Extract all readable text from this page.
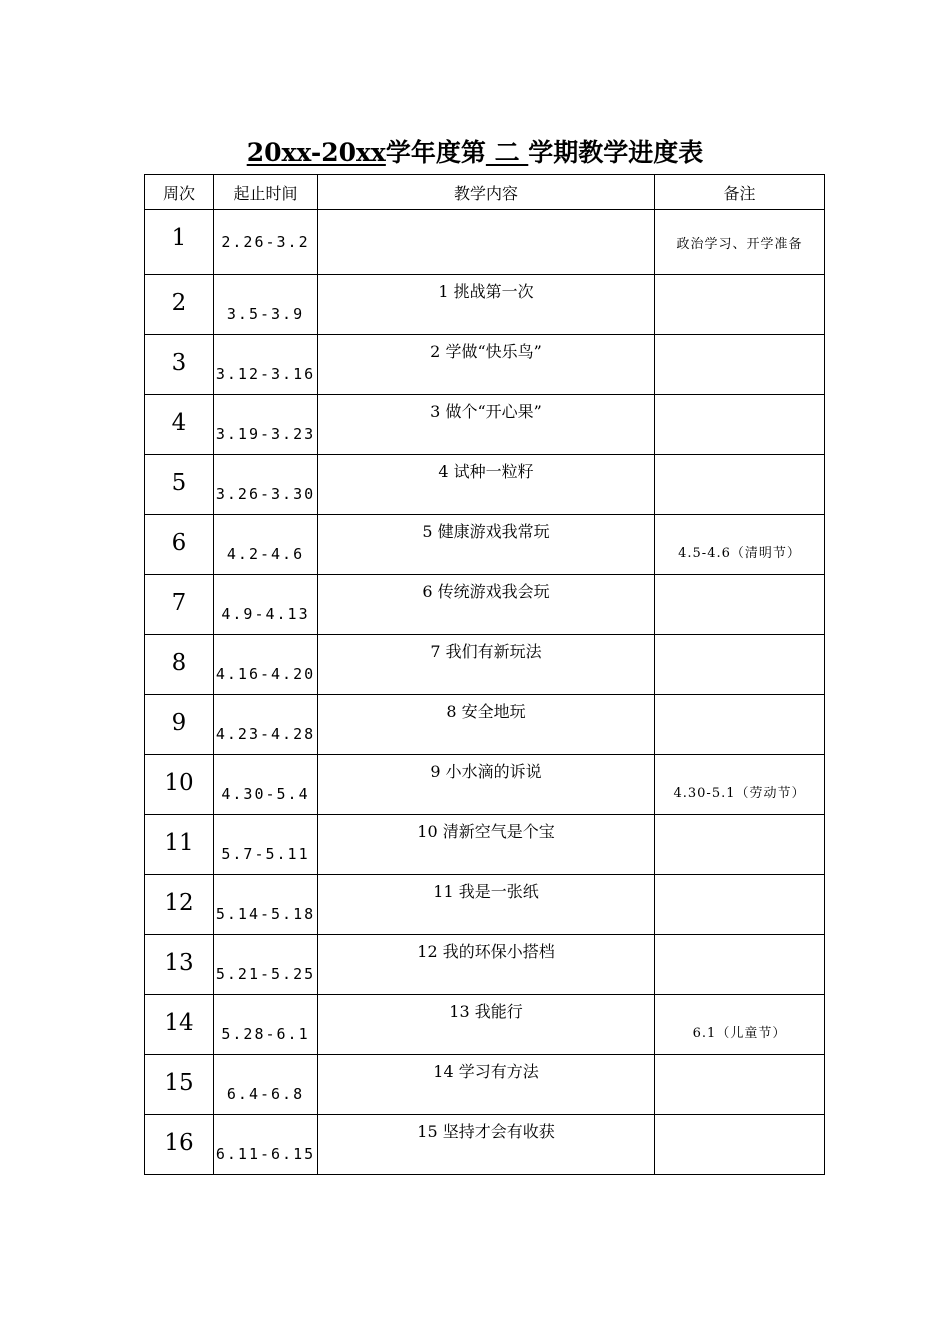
20xx-20xx学年度第 二 学期教学进度表
周次	起止时间	教学内容	备注

1	2.26-3.2		政治学习、开学准备

2	3.5-3.9	1 挑战第一次	

3	3.12-3.16	2 学做“快乐鸟”	

4	3.19-3.23	3 做个“开心果”	

5	3.26-3.30	4 试种一粒籽	

6	4.2-4.6	5 健康游戏我常玩	4.5-4.6（清明节）

7	4.9-4.13	6 传统游戏我会玩	

8	4.16-4.20	7 我们有新玩法	

9	4.23-4.28	8 安全地玩	

10	4.30-5.4	9 小水滴的诉说	4.30-5.1（劳动节）

11	5.7-5.11	10 清新空气是个宝	

12	5.14-5.18	11 我是一张纸	

13	5.21-5.25	12 我的环保小搭档	

14	5.28-6.1	13 我能行	6.1（儿童节）

15	6.4-6.8	14 学习有方法	

16	6.11-6.15	15 坚持才会有收获	
